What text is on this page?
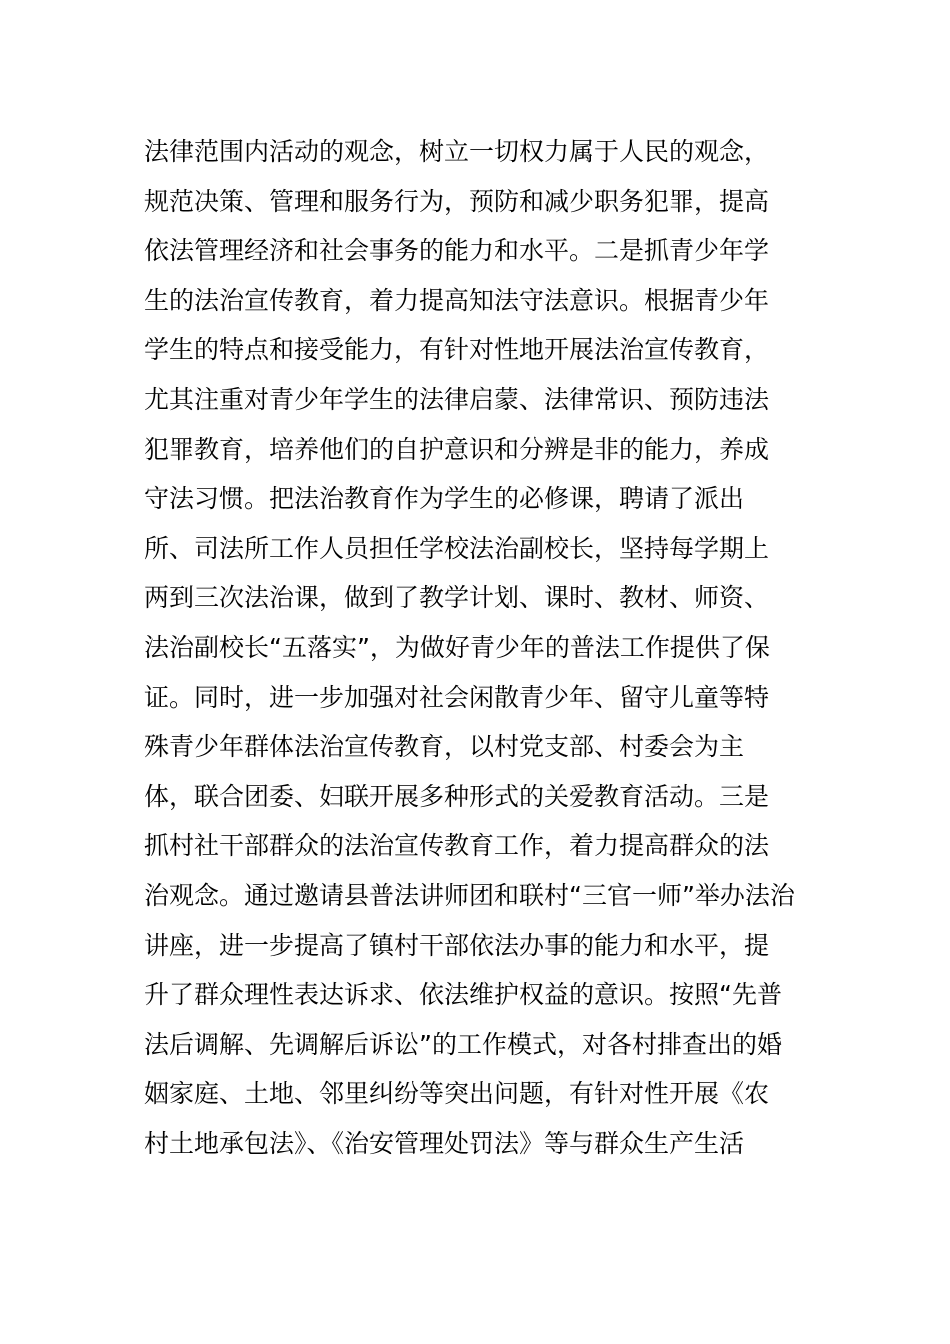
法律范围内活动的观念，树立一切权力属于人民的观念，
规范决策、管理和服务行为，预防和减少职务犯罪，提高
依法管理经济和社会事务的能力和水平。二是抓青少年学
生的法治宣传教育，着力提高知法守法意识。根据青少年
学生的特点和接受能力，有针对性地开展法治宣传教育，
尤其注重对青少年学生的法律启蒙、法律常识、预防违法
犯罪教育，培养他们的自护意识和分辨是非的能力，养成
守法习惯。把法治教育作为学生的必修课，聘请了派出
所、司法所工作人员担任学校法治副校长，坚持每学期上
两到三次法治课，做到了教学计划、课时、教材、师资、
法治副校长“五落实”，为做好青少年的普法工作提供了保
证。同时，进一步加强对社会闲散青少年、留守儿童等特
殊青少年群体法治宣传教育，以村党支部、村委会为主
体，联合团委、妇联开展多种形式的关爱教育活动。三是
抓村社干部群众的法治宣传教育工作，着力提高群众的法
治观念。通过邀请县普法讲师团和联村“三官一师”举办法治
讲座，进一步提高了镇村干部依法办事的能力和水平，提
升了群众理性表达诉求、依法维护权益的意识。按照“先普
法后调解、先调解后诉讼”的工作模式，对各村排查出的婚
姻家庭、土地、邻里纠纷等突出问题，有针对性开展《农
村土地承包法》、《治安管理处罚法》等与群众生产生活
